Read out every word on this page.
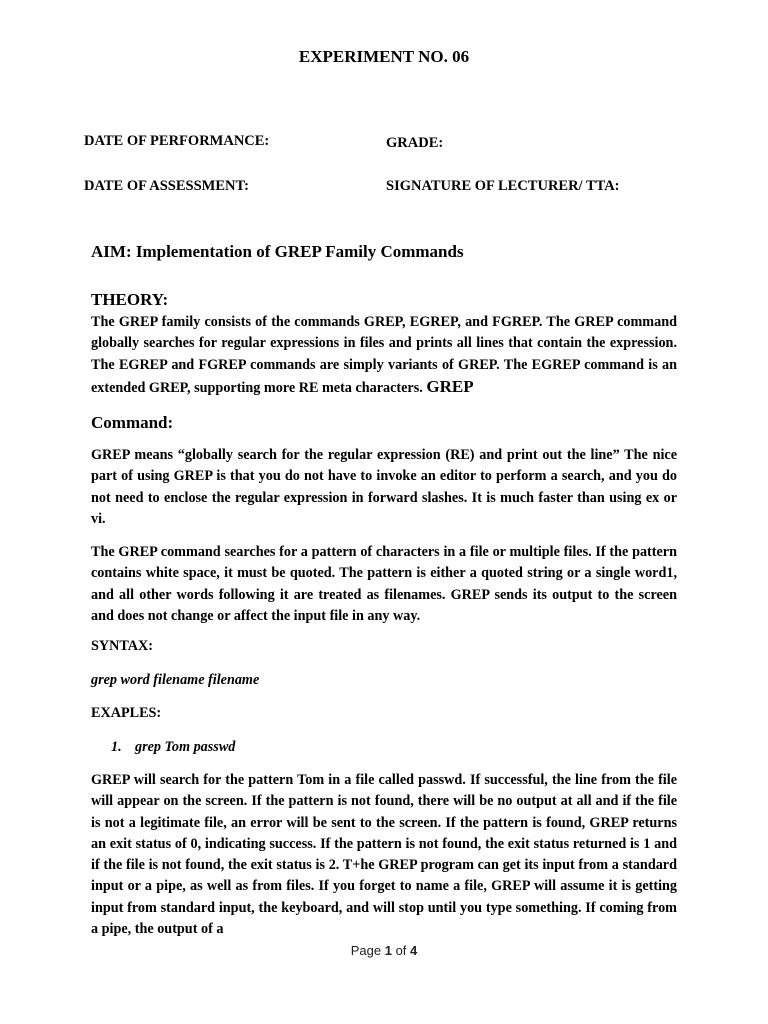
EXPERIMENT NO. 06
DATE OF PERFORMANCE:	GRADE:
DATE OF ASSESSMENT:	SIGNATURE OF LECTURER/ TTA:
AIM: Implementation of GREP Family Commands
THEORY:
The GREP family consists of the commands GREP, EGREP, and FGREP. The GREP command globally searches for regular expressions in files and prints all lines that contain the expression. The EGREP and FGREP commands are simply variants of GREP. The EGREP command is an extended GREP, supporting more RE meta characters. GREP
Command:
GREP means “globally search for the regular expression (RE) and print out the line” The nice part of using GREP is that you do not have to invoke an editor to perform a search, and you do not need to enclose the regular expression in forward slashes. It is much faster than using ex or vi.
The GREP command searches for a pattern of characters in a file or multiple files. If the pattern contains white space, it must be quoted. The pattern is either a quoted string or a single word1, and all other words following it are treated as filenames. GREP sends its output to the screen and does not change or affect the input file in any way.
SYNTAX:
grep word filename filename
EXAPLES:
1. grep Tom passwd
GREP will search for the pattern Tom in a file called passwd. If successful, the line from the file will appear on the screen. If the pattern is not found, there will be no output at all and if the file is not a legitimate file, an error will be sent to the screen. If the pattern is found, GREP returns an exit status of 0, indicating success. If the pattern is not found, the exit status returned is 1 and if the file is not found, the exit status is 2. T+he GREP program can get its input from a standard input or a pipe, as well as from files. If you forget to name a file, GREP will assume it is getting input from standard input, the keyboard, and will stop until you type something. If coming from a pipe, the output of a
Page 1 of 4
